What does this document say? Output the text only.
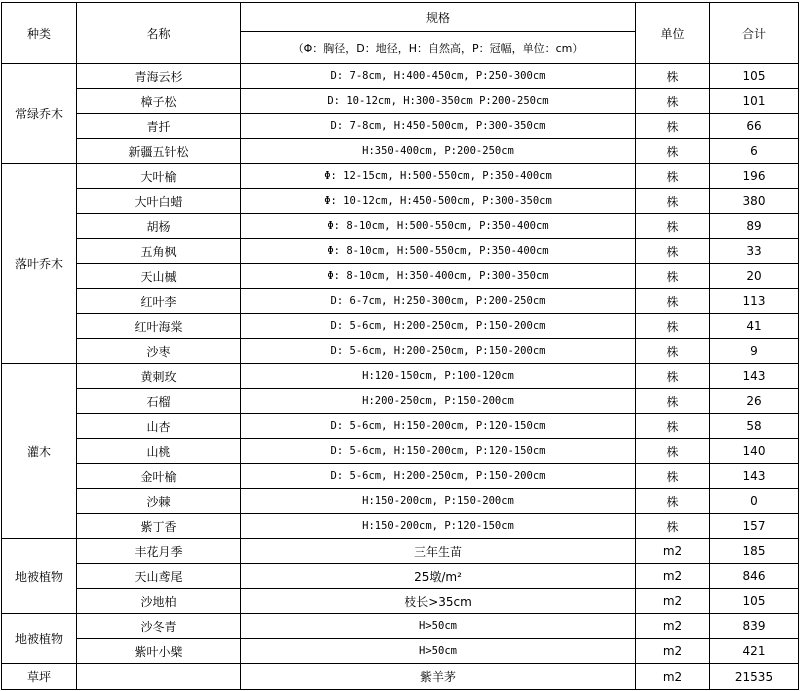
种类	名称	规格	单位	合计
		（Φ：胸径，D：地径，H：自然高，P：冠幅，单位：cm）		
常绿乔木	青海云杉	D: 7-8cm, H:400-450cm, P:250-300cm	株	105
	樟子松	D: 10-12cm, H:300-350cm P:200-250cm	株	101
	青扦	D: 7-8cm, H:450-500cm, P:300-350cm	株	66
	新疆五针松	H:350-400cm, P:200-250cm	株	6
落叶乔木	大叶榆	Φ: 12-15cm, H:500-550cm, P:350-400cm	株	196
	大叶白蜡	Φ: 10-12cm, H:450-500cm, P:300-350cm	株	380
	胡杨	Φ: 8-10cm, H:500-550cm, P:350-400cm	株	89
	五角枫	Φ: 8-10cm, H:500-550cm, P:350-400cm	株	33
	天山槭	Φ: 8-10cm, H:350-400cm, P:300-350cm	株	20
	红叶李	D: 6-7cm, H:250-300cm, P:200-250cm	株	113
	红叶海棠	D: 5-6cm, H:200-250cm, P:150-200cm	株	41
	沙枣	D: 5-6cm, H:200-250cm, P:150-200cm	株	9
灌木	黄刺玫	H:120-150cm, P:100-120cm	株	143
	石榴	H:200-250cm, P:150-200cm	株	26
	山杏	D: 5-6cm, H:150-200cm, P:120-150cm	株	58
	山桃	D: 5-6cm, H:150-200cm, P:120-150cm	株	140
	金叶榆	D: 5-6cm, H:200-250cm, P:150-200cm	株	143
	沙棘	H:150-200cm, P:150-200cm	株	0
	紫丁香	H:150-200cm, P:120-150cm	株	157
地被植物	丰花月季	三年生苗	m2	185
	天山鸢尾	25墩/m²	m2	846
	沙地柏	枝长>35cm	m2	105
地被植物	沙冬青	H>50cm	m2	839
	紫叶小檗	H>50cm	m2	421
草坪		紫羊茅	m2	21535
